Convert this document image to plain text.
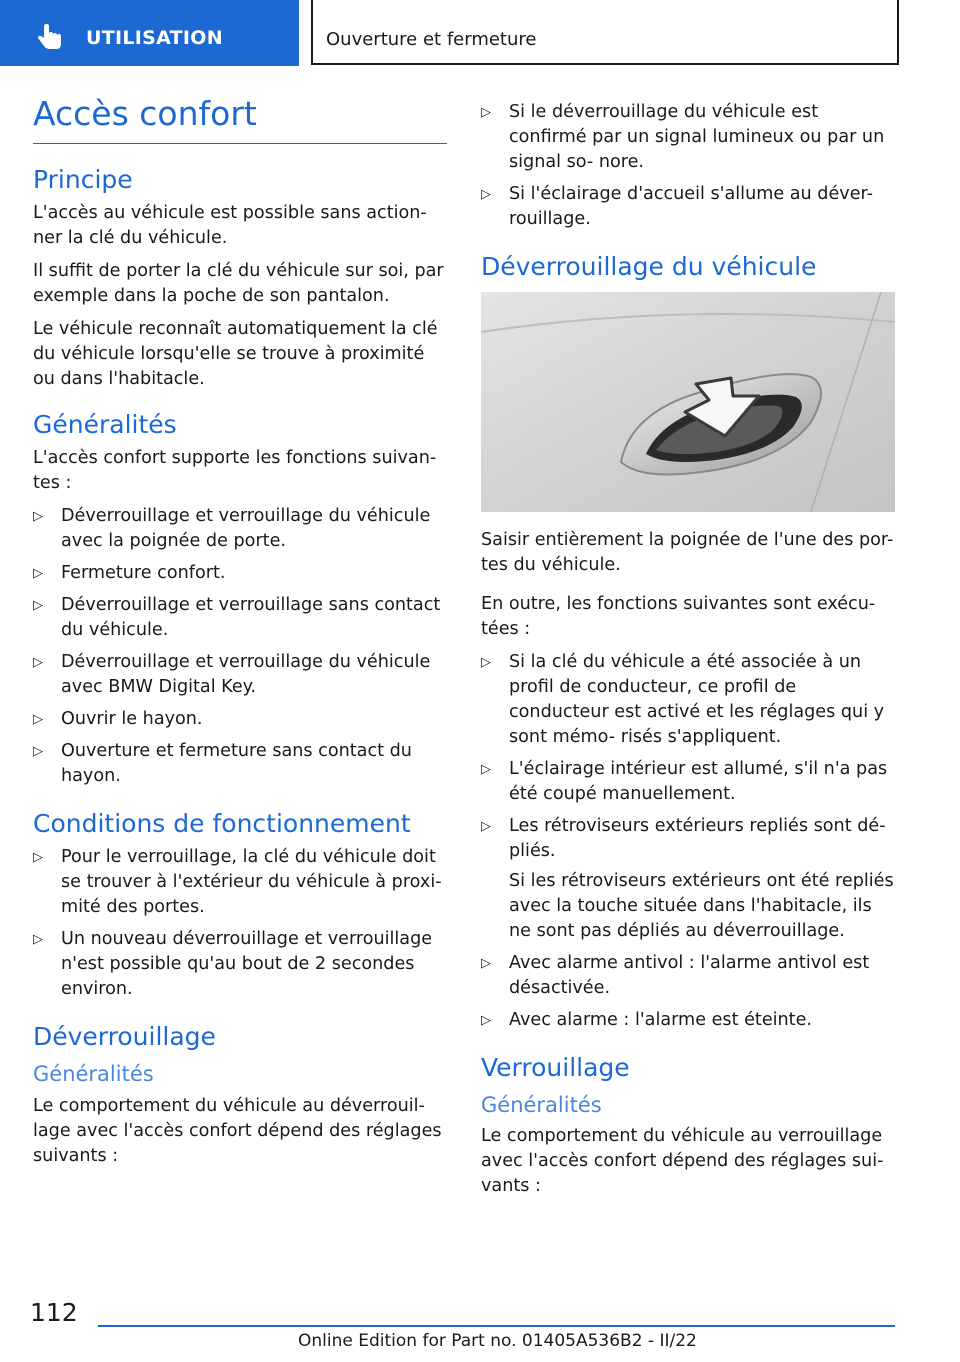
UTILISATION	Ouverture et fermeture
Accès confort
Principe

L'accès au véhicule est possible sans action- ner la clé du véhicule.

Il suffit de porter la clé du véhicule sur soi, par exemple dans la poche de son pantalon.

Le véhicule reconnaît automatiquement la clé du véhicule lorsqu'elle se trouve à proximité ou dans l'habitacle.

Généralités

L'accès confort supporte les fonctions suivan- tes :

▷ Déverrouillage et verrouillage du véhicule avec la poignée de porte.
▷ Fermeture confort.
▷ Déverrouillage et verrouillage sans contact du véhicule.
▷ Déverrouillage et verrouillage du véhicule avec BMW Digital Key.
▷ Ouvrir le hayon.
▷ Ouverture et fermeture sans contact du hayon.
Conditions de fonctionnement
▷ Pour le verrouillage, la clé du véhicule doit se trouver à l'extérieur du véhicule à proxi- mité des portes.
▷ Un nouveau déverrouillage et verrouillage n'est possible qu'au bout de 2 secondes environ.
Déverrouillage
Généralités

Le comportement du véhicule au déverrouil- lage avec l'accès confort dépend des réglages suivants :

▷ Si le déverrouillage du véhicule est confirmé par un signal lumineux ou par un signal so- nore.
▷ Si l'éclairage d'accueil s'allume au déver- rouillage.
Déverrouillage du véhicule

Saisir entièrement la poignée de l'une des por- tes du véhicule.

En outre, les fonctions suivantes sont exécu- tées :

▷ Si la clé du véhicule a été associée à un profil de conducteur, ce profil de conducteur est activé et les réglages qui y sont mémo- risés s'appliquent.
▷ L'éclairage intérieur est allumé, s'il n'a pas été coupé manuellement.
▷ Les rétroviseurs extérieurs repliés sont dé- pliés.
Si les rétroviseurs extérieurs ont été repliés avec la touche située dans l'habitacle, ils ne sont pas dépliés au déverrouillage.
▷ Avec alarme antivol : l'alarme antivol est désactivée.
▷ Avec alarme : l'alarme est éteinte.
Verrouillage
Généralités

Le comportement du véhicule au verrouillage avec l'accès confort dépend des réglages sui- vants :

112
Online Edition for Part no. 01405A536B2 - II/22
